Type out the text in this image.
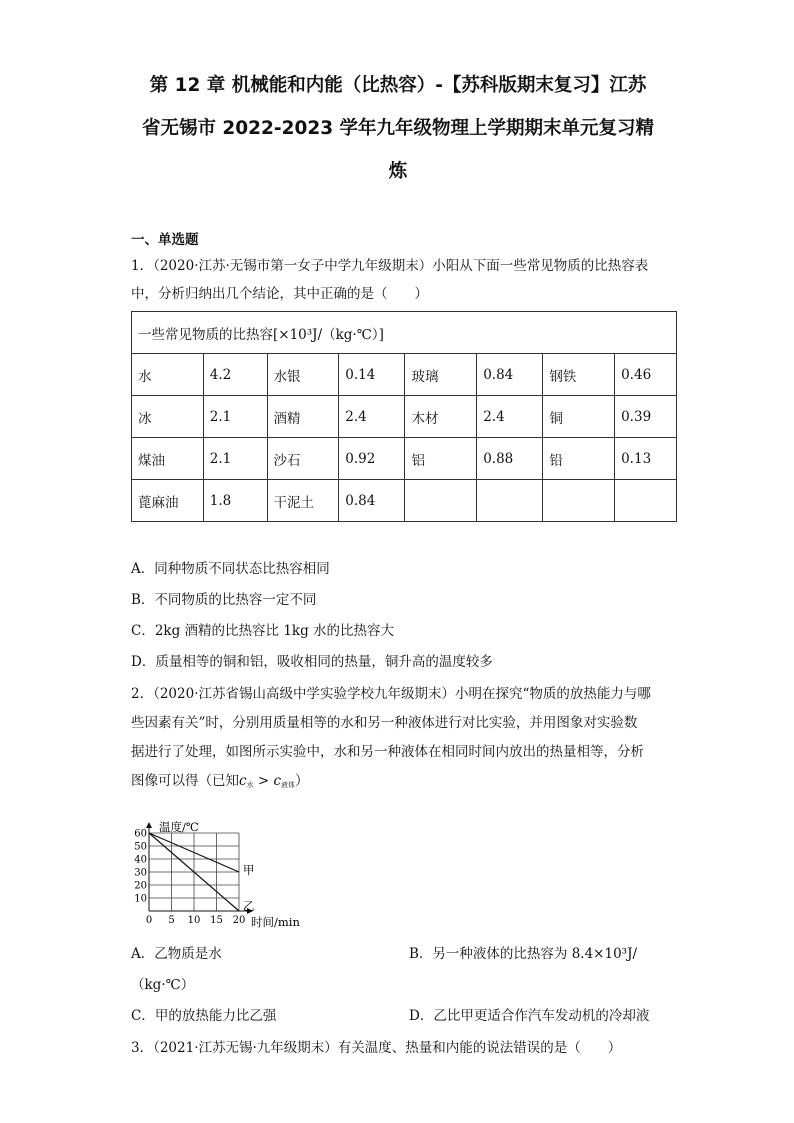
第 12 章 机械能和内能（比热容）-【苏科版期末复习】江苏
省无锡市 2022-2023 学年九年级物理上学期期末单元复习精
炼
一、单选题
1．（2020·江苏·无锡市第一女子中学九年级期末）小阳从下面一些常见物质的比热容表
中，分析归纳出几个结论，其中正确的是（　　）
一些常见物质的比热容[×10³J/（kg·℃）]							
水	4.2	水银	0.14	玻璃	0.84	钢铁	0.46
冰	2.1	酒精	2.4	木材	2.4	铜	0.39
煤油	2.1	沙石	0.92	铝	0.88	铅	0.13
蓖麻油	1.8	干泥土	0.84				
A．同种物质不同状态比热容相同
B．不同物质的比热容一定不同
C．2kg 酒精的比热容比 1kg 水的比热容大
D．质量相等的铜和铝，吸收相同的热量，铜升高的温度较多
2．（2020·江苏省锡山高级中学实验学校九年级期末）小明在探究“物质的放热能力与哪
些因素有关”时，分别用质量相等的水和另一种液体进行对比实验，并用图象对实验数
据进行了处理，如图所示实验中，水和另一种液体在相同时间内放出的热量相等，分析
图像可以得（已知$c_水 > c_{液体}$）
10
20
30
40
50
60
0 5 10 15 20
甲
乙
温度/℃
时间/min
A．乙物质是水	B．另一种液体的比热容为 8.4×10³J/
（kg·℃）
C．甲的放热能力比乙强	D．乙比甲更适合作汽车发动机的冷却液
3．（2021·江苏无锡·九年级期末）有关温度、热量和内能的说法错误的是（　　）
